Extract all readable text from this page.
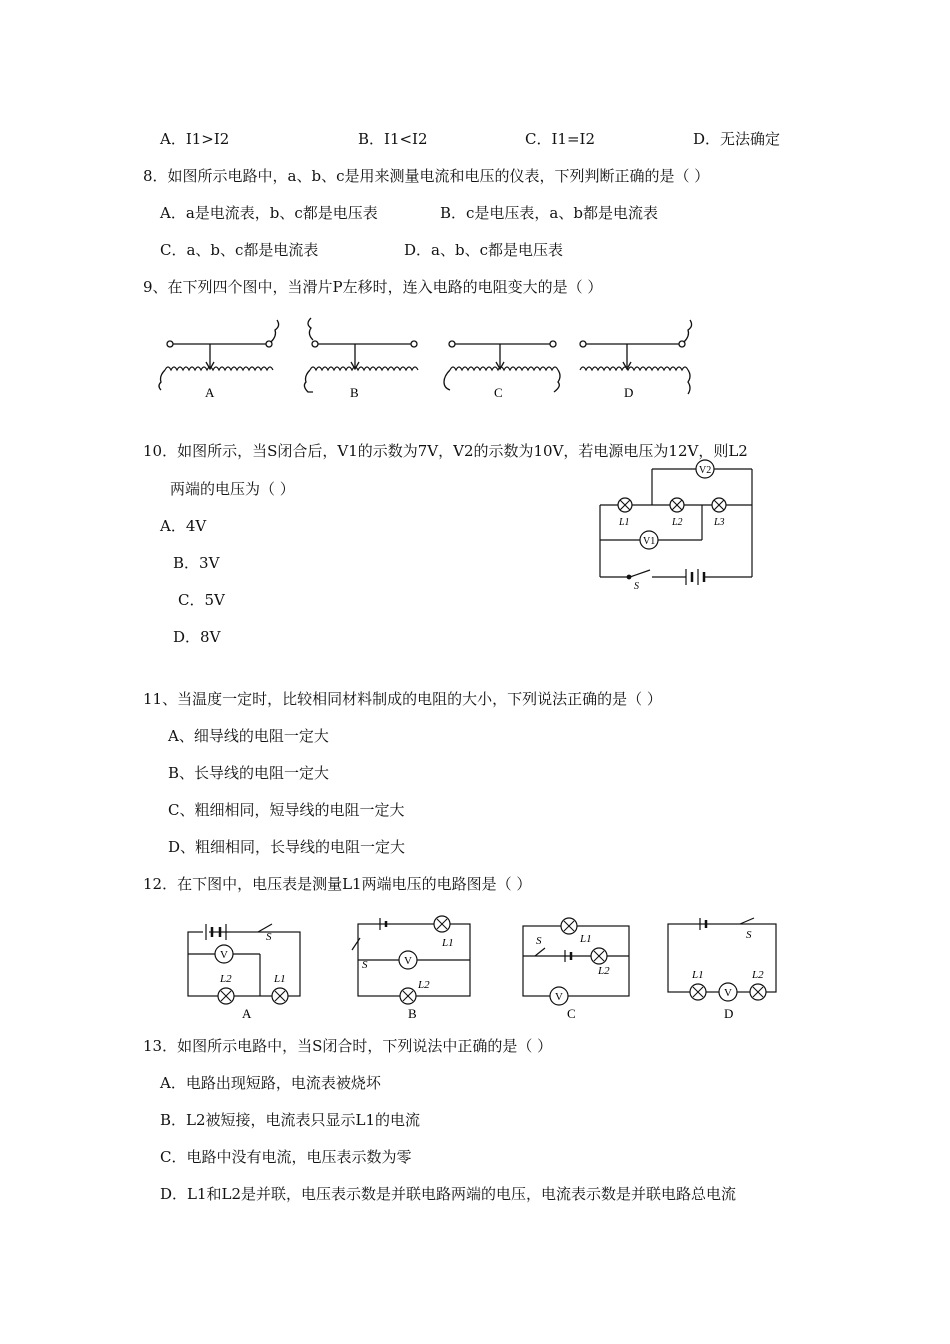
A．I1>I2	B．I1<I2	C．I1=I2	D．无法确定
8．如图所示电路中，a、b、c是用来测量电流和电压的仪表，下列判断正确的是（ ）
A．a是电流表，b、c都是电压表	B．c是电压表，a、b都是电流表
C．a、b、c都是电流表	D．a、b、c都是电压表
9、在下列四个图中，当滑片P左移时，连入电路的电阻变大的是（ ）
A	B	C	D
10．如图所示，当S闭合后，V1的示数为7V，V2的示数为10V，若电源电压为12V，则L2
两端的电压为（ ）
A．4V
B．3V
C．5V
D．8V
V2
V1
L1	L2	L3
S
11、当温度一定时，比较相同材料制成的电阻的大小，下列说法正确的是（ ）
A、细导线的电阻一定大
B、长导线的电阻一定大
C、粗细相同，短导线的电阻一定大
D、粗细相同，长导线的电阻一定大
12．在下图中，电压表是测量L1两端电压的电路图是（ ）
V
S
L2	L1
V
S
L1
L2
V
S	L1
L2
V
S
L1	L2
A	B	C	D
13．如图所示电路中，当S闭合时，下列说法中正确的是（ ）
A．电路出现短路，电流表被烧坏
B．L2被短接，电流表只显示L1的电流
C．电路中没有电流，电压表示数为零
D．L1和L2是并联，电压表示数是并联电路两端的电压，电流表示数是并联电路总电流
